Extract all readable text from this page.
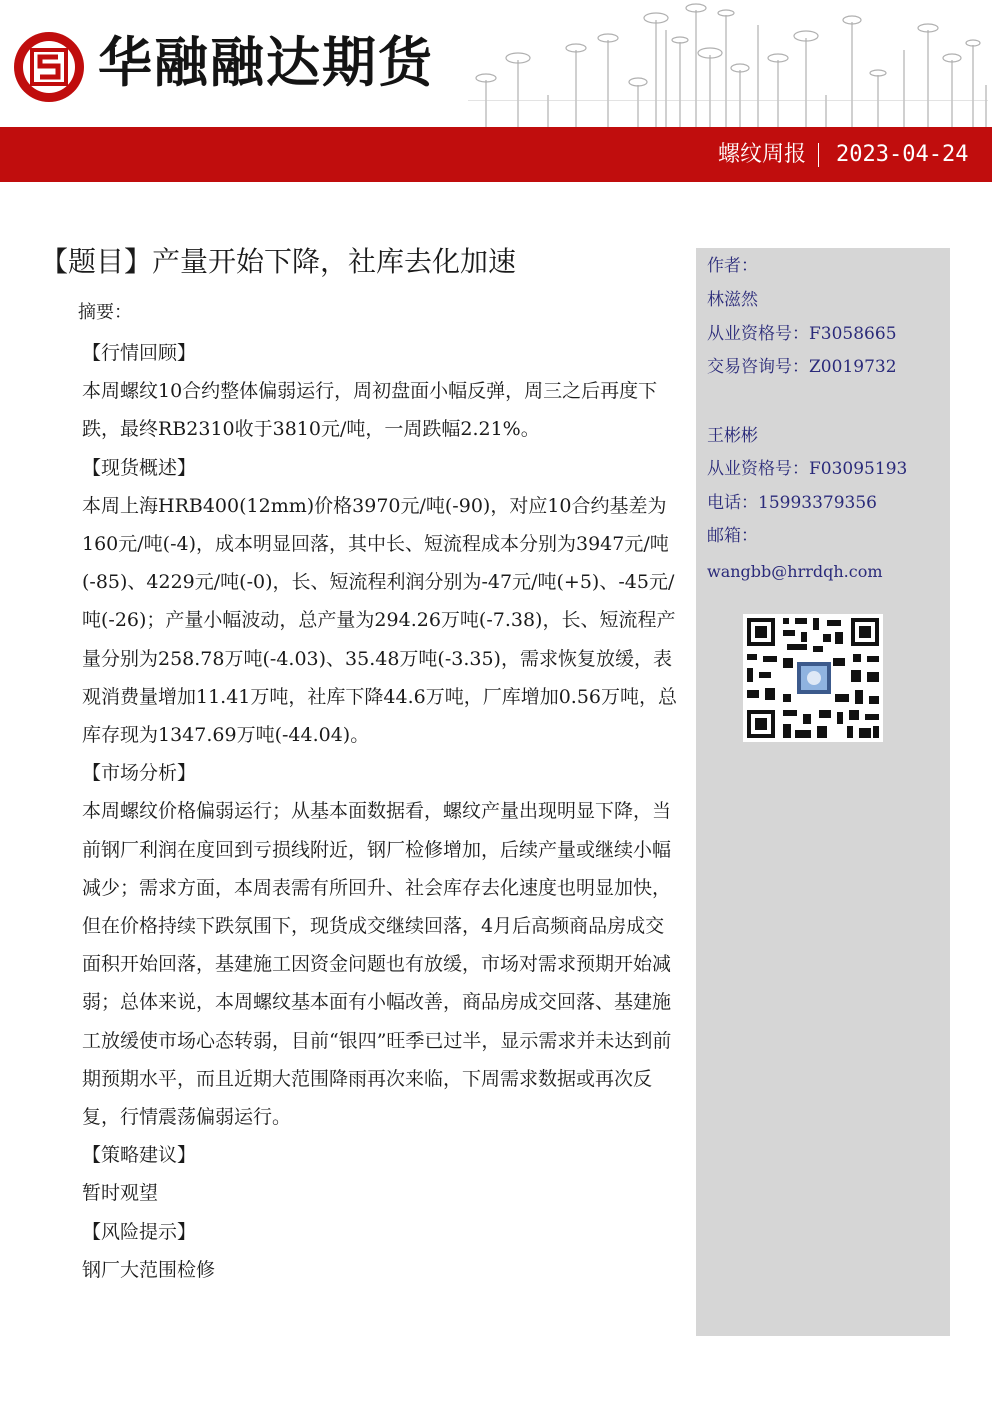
华融融达期货
螺纹周报 2023-04-24
【题目】产量开始下降，社库去化加速
摘要：

【行情回顾】

本周螺纹10合约整体偏弱运行，周初盘面小幅反弹，周三之后再度下跌，最终RB2310收于3810元/吨，一周跌幅2.21%。

【现货概述】

本周上海HRB400(12mm)价格3970元/吨(-90)，对应10合约基差为160元/吨(-4)，成本明显回落，其中长、短流程成本分别为3947元/吨(-85)、4229元/吨(-0)，长、短流程利润分别为-47元/吨(+5)、-45元/吨(-26)；产量小幅波动，总产量为294.26万吨(-7.38)，长、短流程产量分别为258.78万吨(-4.03)、35.48万吨(-3.35)，需求恢复放缓，表观消费量增加11.41万吨，社库下降44.6万吨，厂库增加0.56万吨，总库存现为1347.69万吨(-44.04)。

【市场分析】

本周螺纹价格偏弱运行；从基本面数据看，螺纹产量出现明显下降，当前钢厂利润在度回到亏损线附近，钢厂检修增加，后续产量或继续小幅减少；需求方面，本周表需有所回升、社会库存去化速度也明显加快，但在价格持续下跌氛围下，现货成交继续回落，4月后高频商品房成交面积开始回落，基建施工因资金问题也有放缓，市场对需求预期开始减弱；总体来说，本周螺纹基本面有小幅改善，商品房成交回落、基建施工放缓使市场心态转弱，目前“银四”旺季已过半，显示需求并未达到前期预期水平，而且近期大范围降雨再次来临，下周需求数据或再次反复，行情震荡偏弱运行。

【策略建议】

暂时观望

【风险提示】

钢厂大范围检修

作者：
林滋然
从业资格号：F3058665
交易咨询号：Z0019732
王彬彬
从业资格号：F03095193
电话：15993379356
邮箱：
wangbb@hrrdqh.com
